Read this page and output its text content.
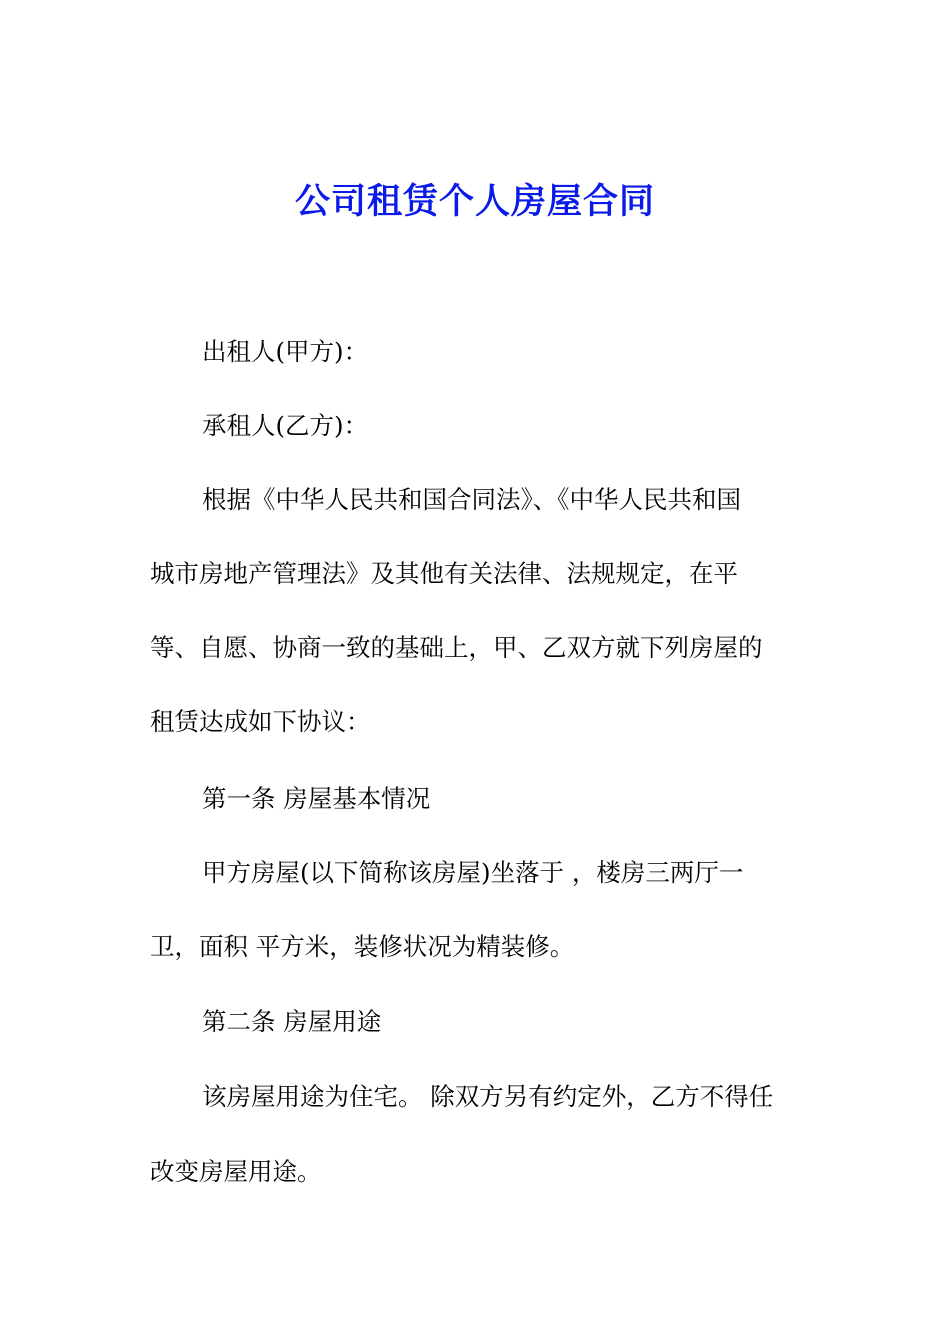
公司租赁个人房屋合同

出租人(甲方)：

承租人(乙方)：

根据《中华人民共和国合同法》、《中华人民共和国

城市房地产管理法》及其他有关法律、法规规定，在平

等、自愿、协商一致的基础上，甲、乙双方就下列房屋的

租赁达成如下协议：

第一条 房屋基本情况

甲方房屋(以下简称该房屋)坐落于 ，楼房三两厅一

卫，面积 平方米，装修状况为精装修。

第二条 房屋用途

该房屋用途为住宅。 除双方另有约定外，乙方不得任

改变房屋用途。
